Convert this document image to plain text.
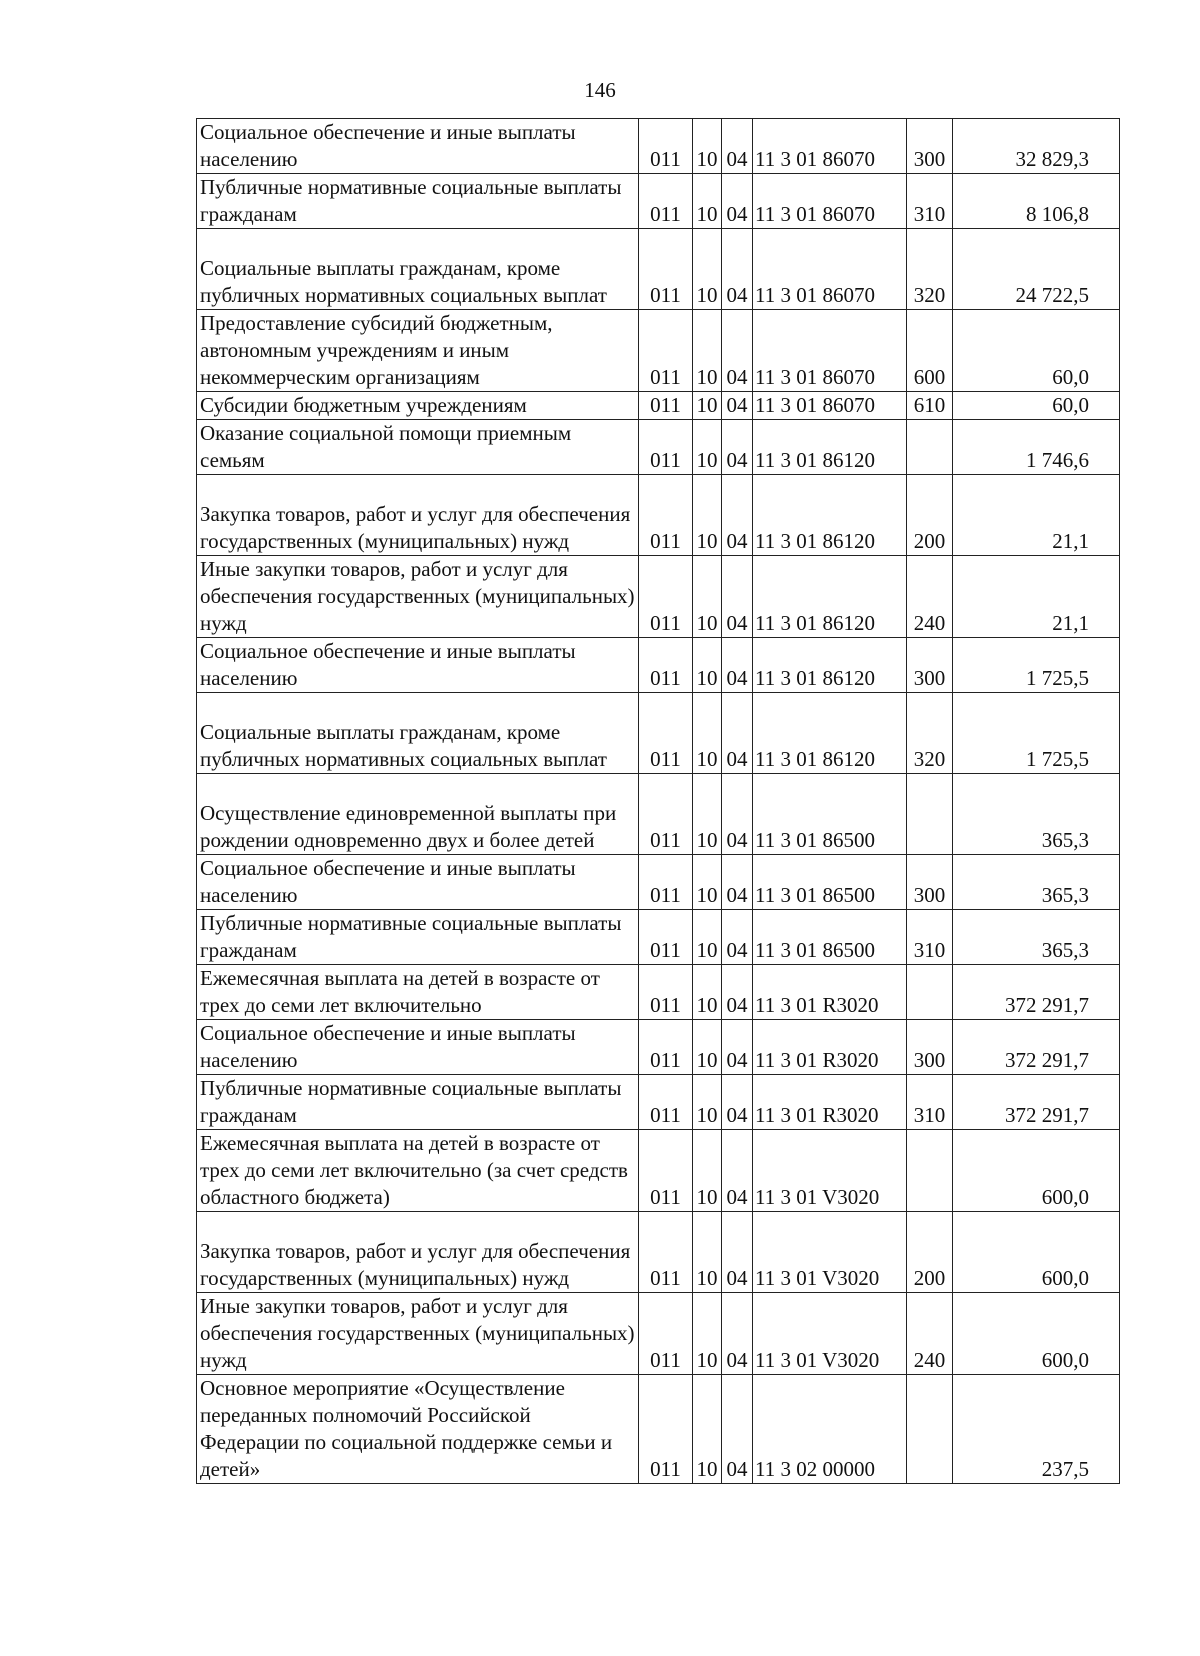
146
Социальное обеспечение и иные выплаты населению	011	10	04	11 3 01 86070	300	32 829,3
Публичные нормативные социальные выплаты гражданам	011	10	04	11 3 01 86070	310	8 106,8
Социальные выплаты гражданам, кроме публичных нормативных социальных выплат	011	10	04	11 3 01 86070	320	24 722,5
Предоставление субсидий бюджетным, автономным учреждениям и иным некоммерческим организациям	011	10	04	11 3 01 86070	600	60,0
Субсидии бюджетным учреждениям	011	10	04	11 3 01 86070	610	60,0
Оказание социальной помощи приемным семьям	011	10	04	11 3 01 86120		1 746,6
Закупка товаров, работ и услуг для обеспечения государственных (муниципальных) нужд	011	10	04	11 3 01 86120	200	21,1
Иные закупки товаров, работ и услуг для обеспечения государственных (муниципальных) нужд	011	10	04	11 3 01 86120	240	21,1
Социальное обеспечение и иные выплаты населению	011	10	04	11 3 01 86120	300	1 725,5
Социальные выплаты гражданам, кроме публичных нормативных социальных выплат	011	10	04	11 3 01 86120	320	1 725,5
Осуществление единовременной выплаты при рождении одновременно двух и более детей	011	10	04	11 3 01 86500		365,3
Социальное обеспечение и иные выплаты населению	011	10	04	11 3 01 86500	300	365,3
Публичные нормативные социальные выплаты гражданам	011	10	04	11 3 01 86500	310	365,3
Ежемесячная выплата на детей в возрасте от трех до семи лет включительно	011	10	04	11 3 01 R3020		372 291,7
Социальное обеспечение и иные выплаты населению	011	10	04	11 3 01 R3020	300	372 291,7
Публичные нормативные социальные выплаты гражданам	011	10	04	11 3 01 R3020	310	372 291,7
Ежемесячная выплата на детей в возрасте от трех до семи лет включительно (за счет средств областного бюджета)	011	10	04	11 3 01 V3020		600,0
Закупка товаров, работ и услуг для обеспечения государственных (муниципальных) нужд	011	10	04	11 3 01 V3020	200	600,0
Иные закупки товаров, работ и услуг для обеспечения государственных (муниципальных) нужд	011	10	04	11 3 01 V3020	240	600,0
Основное мероприятие «Осуществление переданных полномочий Российской Федерации по социальной поддержке семьи и детей»	011	10	04	11 3 02 00000		237,5
